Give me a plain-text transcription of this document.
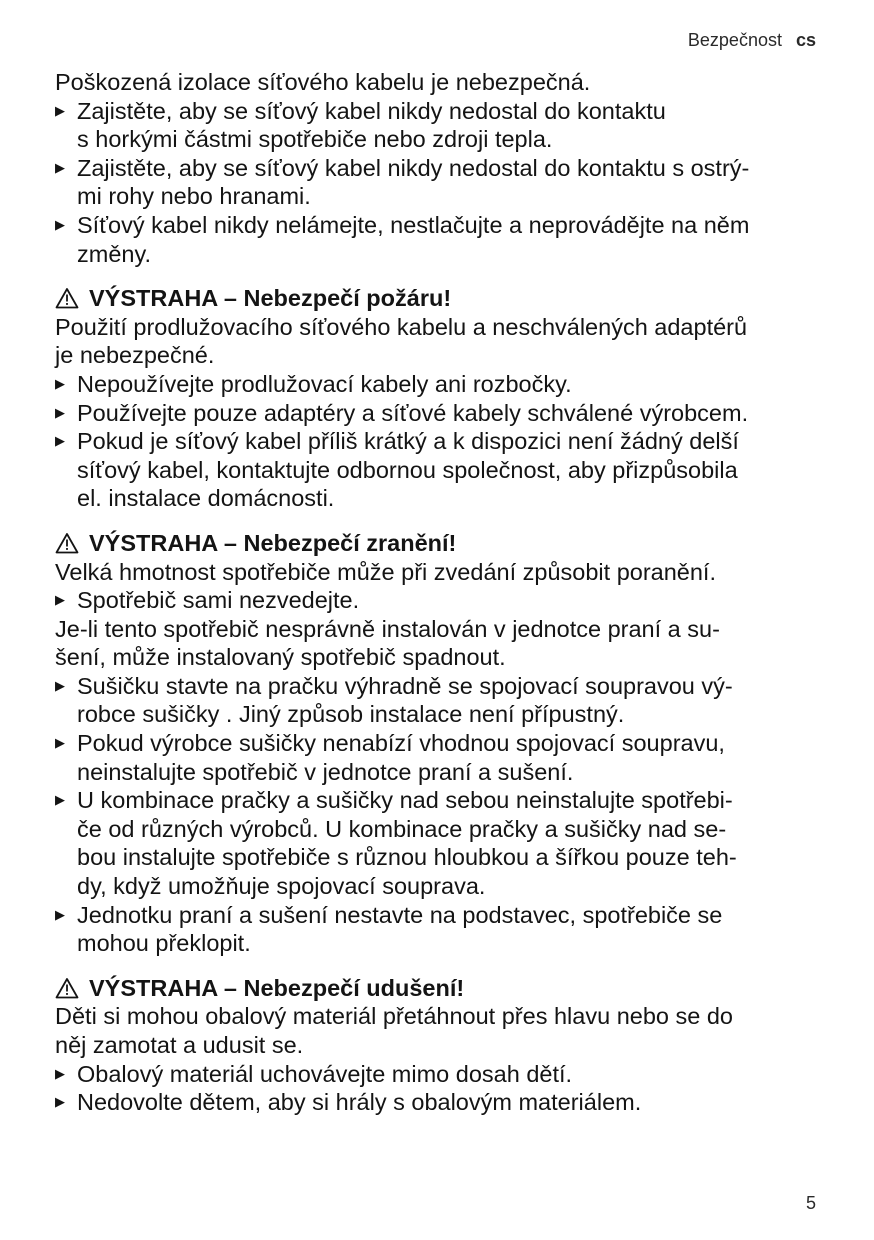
Bezpečnost cs
Poškozená izolace síťového kabelu je nebezpečná.
▶
Zajistěte, aby se síťový kabel nikdy nedostal do kontaktu
s horkými částmi spotřebiče nebo zdroji tepla.
▶
Zajistěte, aby se síťový kabel nikdy nedostal do kontaktu s ostrý-
mi rohy nebo hranami.
▶
Síťový kabel nikdy nelámejte, nestlačujte a neprovádějte na něm
změny.
VÝSTRAHA – Nebezpečí požáru!
Použití prodlužovacího síťového kabelu a neschválených adaptérů
je nebezpečné.
▶
Nepoužívejte prodlužovací kabely ani rozbočky.
▶
Používejte pouze adaptéry a síťové kabely schválené výrobcem.
▶
Pokud je síťový kabel příliš krátký a k dispozici není žádný delší
síťový kabel, kontaktujte odbornou společnost, aby přizpůsobila
el. instalace domácnosti.
VÝSTRAHA – Nebezpečí zranění!
Velká hmotnost spotřebiče může při zvedání způsobit poranění.
▶
Spotřebič sami nezvedejte.
Je-li tento spotřebič nesprávně instalován v jednotce praní a su-
šení, může instalovaný spotřebič spadnout.
▶
Sušičku stavte na pračku výhradně se spojovací soupravou vý-
robce sušičky . Jiný způsob instalace není přípustný.
▶
Pokud výrobce sušičky nenabízí vhodnou spojovací soupravu,
neinstalujte spotřebič v jednotce praní a sušení.
▶
U kombinace pračky a sušičky nad sebou neinstalujte spotřebi-
če od různých výrobců. U kombinace pračky a sušičky nad se-
bou instalujte spotřebiče s různou hloubkou a šířkou pouze teh-
dy, když umožňuje spojovací souprava.
▶
Jednotku praní a sušení nestavte na podstavec, spotřebiče se
mohou překlopit.
VÝSTRAHA – Nebezpečí udušení!
Děti si mohou obalový materiál přetáhnout přes hlavu nebo se do
něj zamotat a udusit se.
▶
Obalový materiál uchovávejte mimo dosah dětí.
▶
Nedovolte dětem, aby si hrály s obalovým materiálem.
5
